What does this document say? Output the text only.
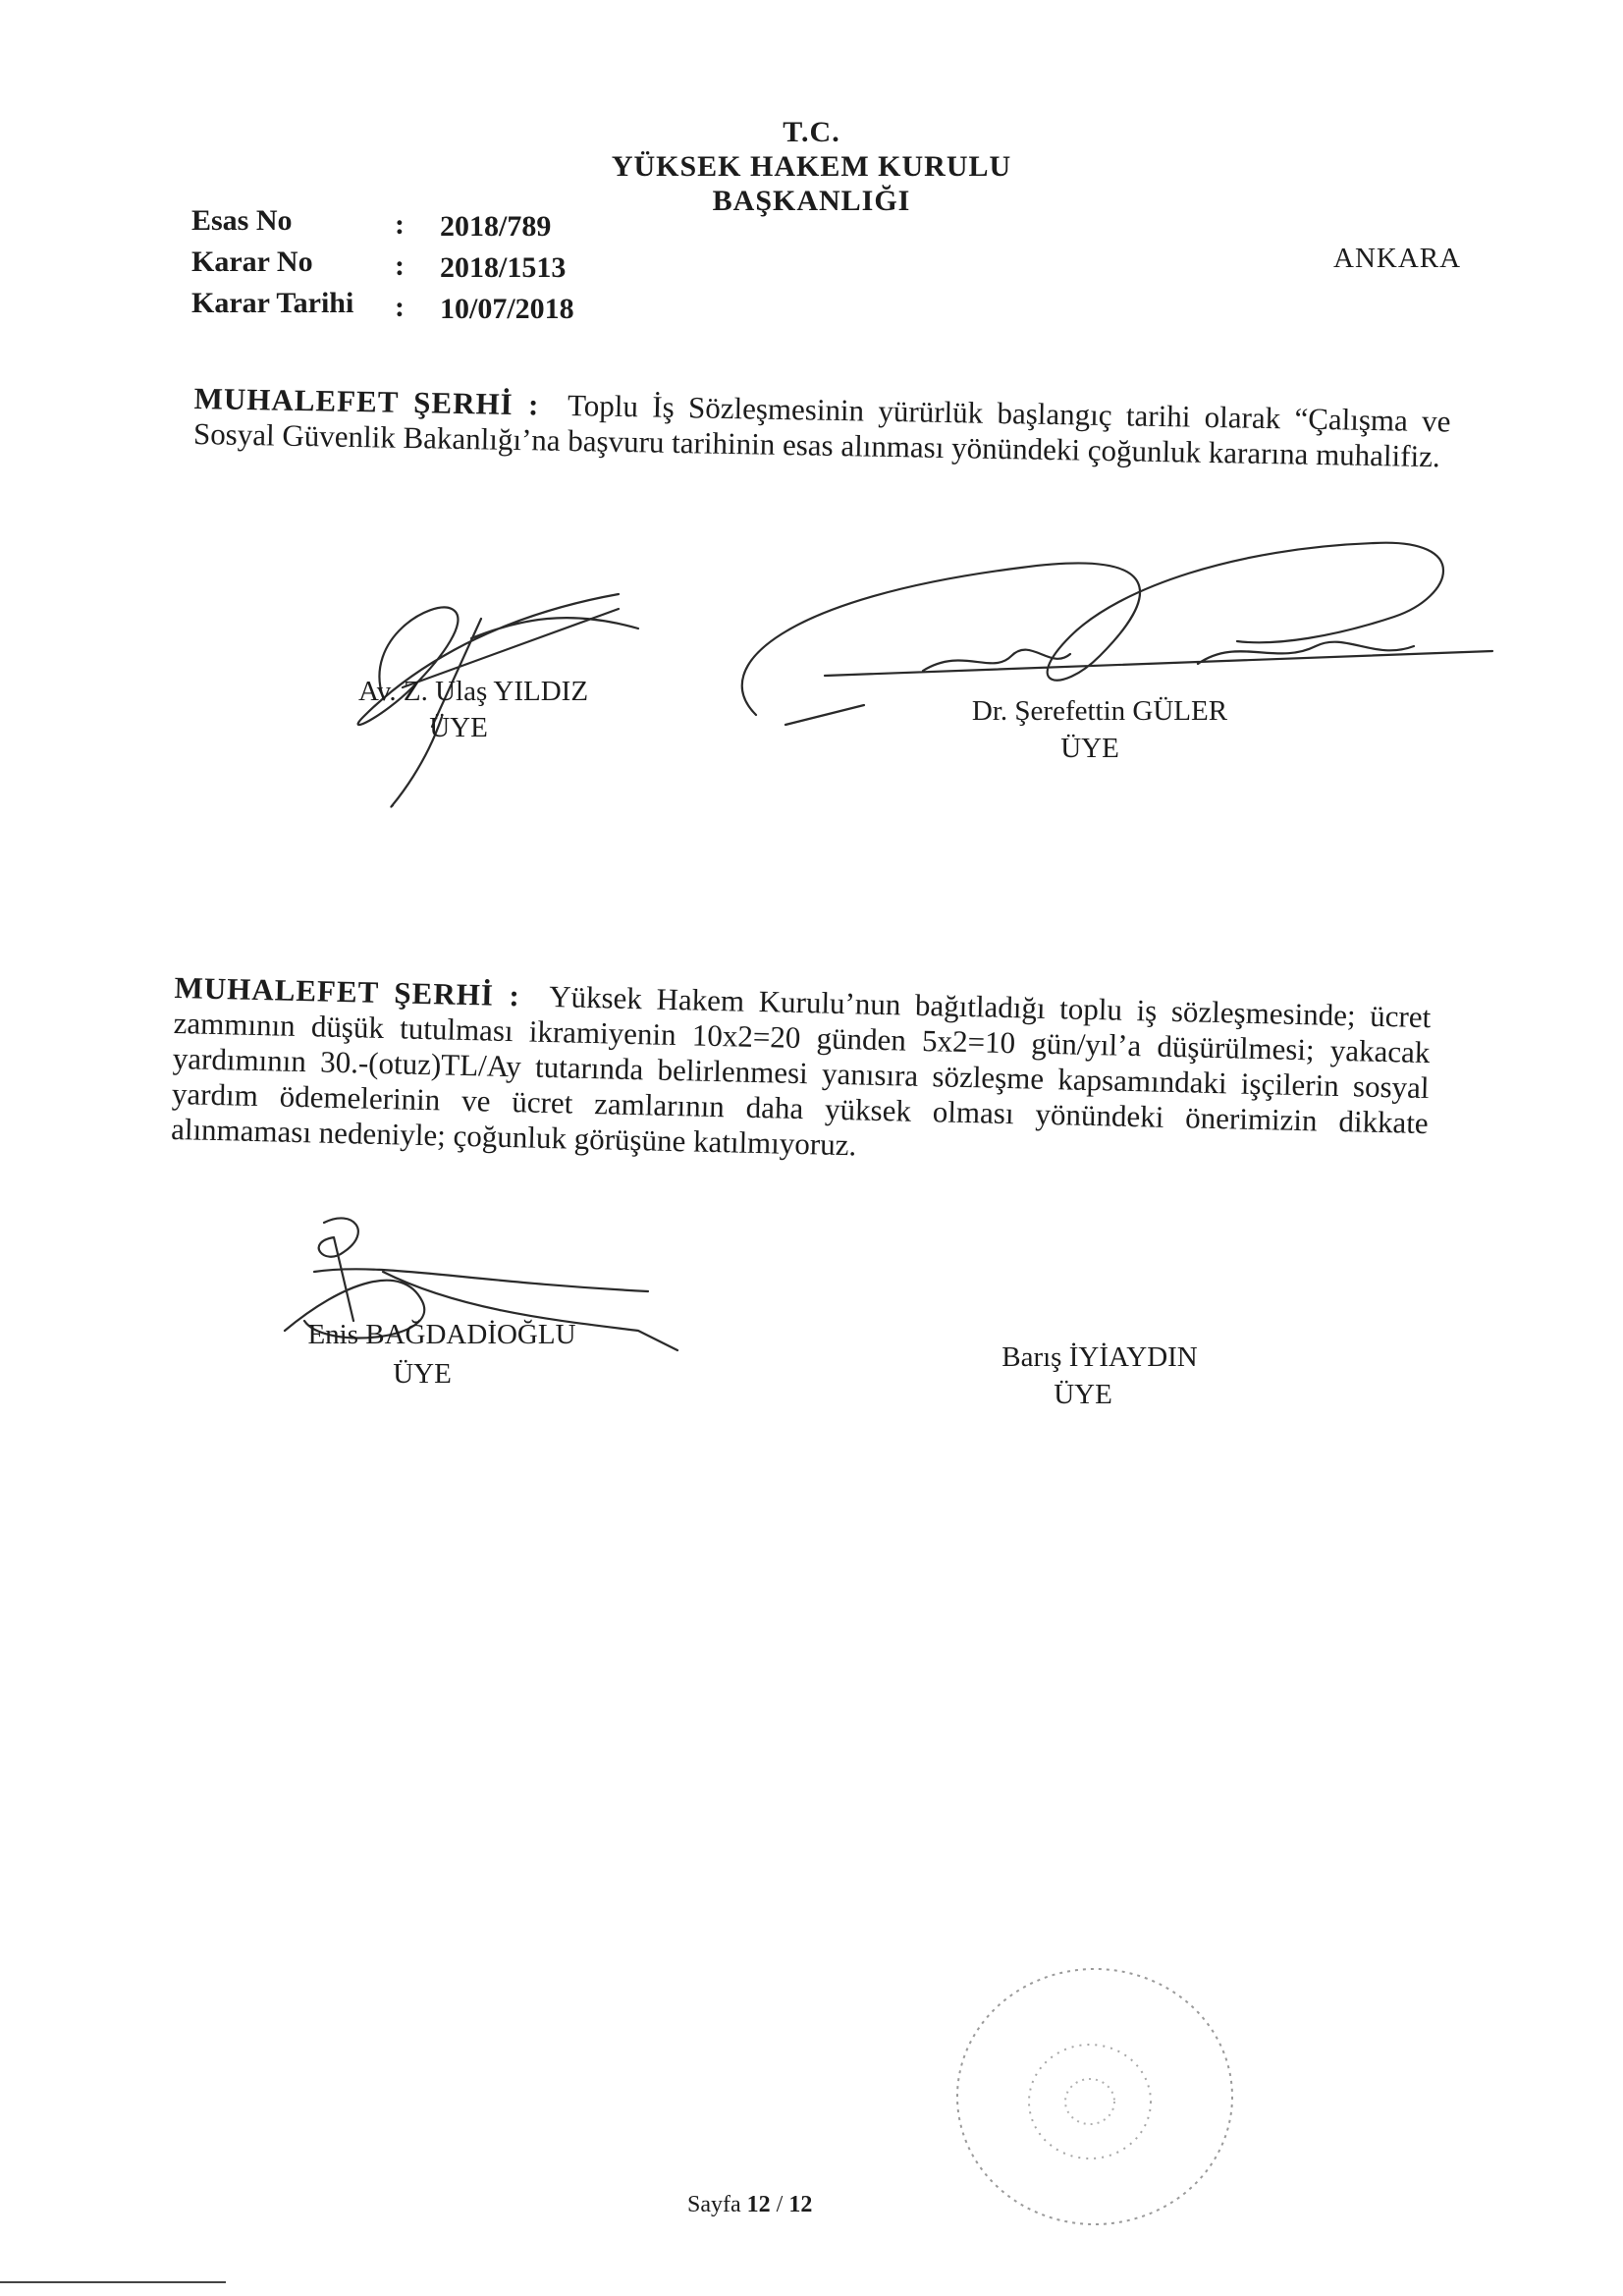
T.C.
YÜKSEK HAKEM KURULU
BAŞKANLIĞI
Esas No	: 2018/789
Karar No	: 2018/1513
Karar Tarihi : 10/07/2018
ANKARA
MUHALEFET ŞERHİ : Toplu İş Sözleşmesinin yürürlük başlangıç tarihi olarak “Çalışma ve Sosyal Güvenlik Bakanlığı’na başvuru tarihinin esas alınması yönündeki çoğunluk kararına muhalifiz.
Av. Z. Ulaş YILDIZ
ÜYE
Dr. Şerefettin GÜLER
ÜYE
MUHALEFET ŞERHİ : Yüksek Hakem Kurulu’nun bağıtladığı toplu iş sözleşmesinde; ücret zammının düşük tutulması ikramiyenin 10x2=20 günden 5x2=10 gün/yıl’a düşürülmesi; yakacak yardımının 30.-(otuz)TL/Ay tutarında belirlenmesi yanısıra sözleşme kapsamındaki işçilerin sosyal yardım ödemelerinin ve ücret zamlarının daha yüksek olması yönündeki önerimizin dikkate alınmaması nedeniyle; çoğunluk görüşüne katılmıyoruz.
Enis BAĞDADİOĞLU
ÜYE
Barış İYİAYDIN
ÜYE
Sayfa 12 / 12
